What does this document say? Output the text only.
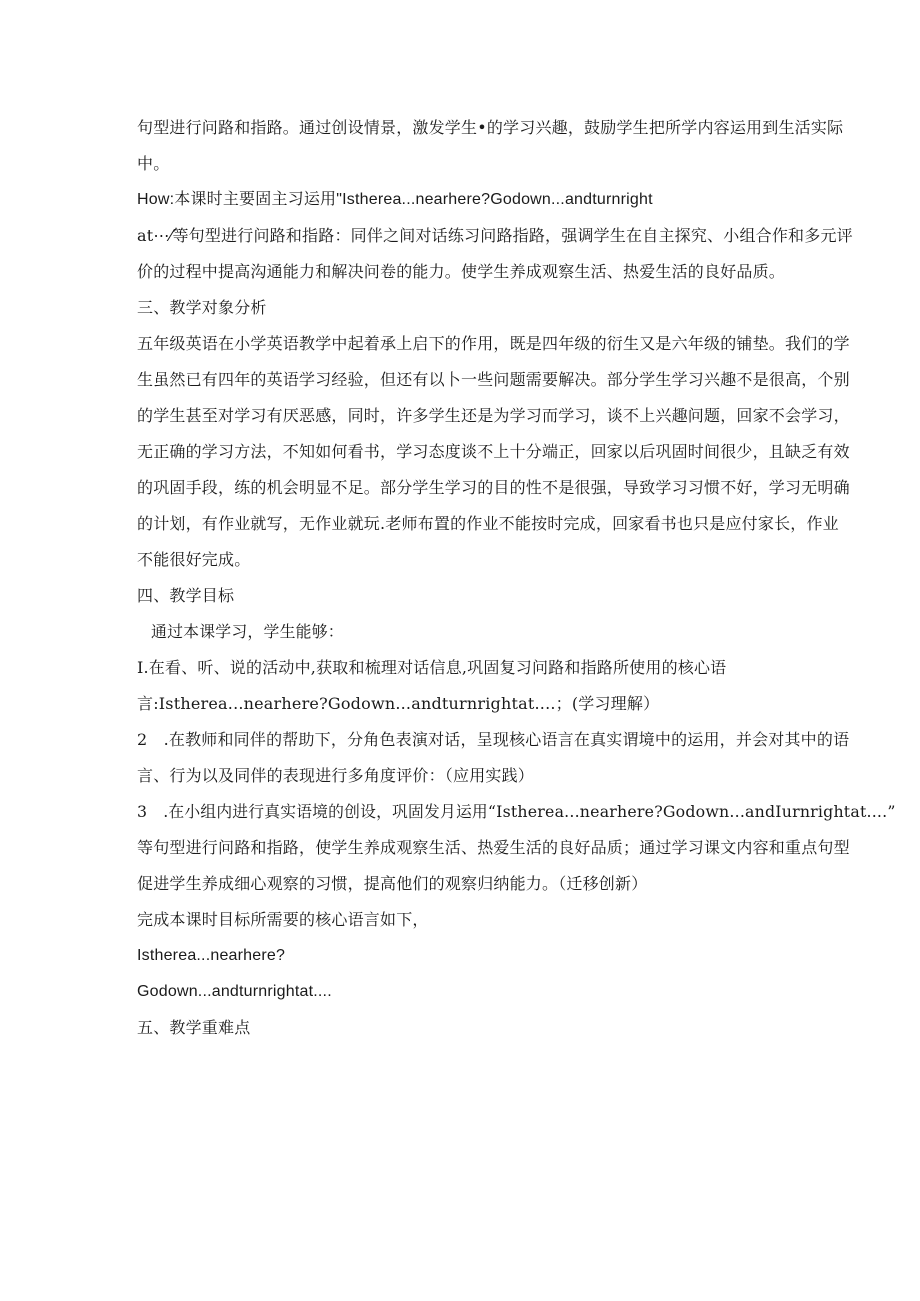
句型进行问路和指路。通过创设情景，激发学生•的学习兴趣，鼓励学生把所学内容运用到生活实际
中。
How:本课时主要固主习运用"Istherea...nearhere?Godown...andturnright
at⋯⁄等句型进行问路和指路：同伴之间对话练习问路指路，强调学生在自主探究、小组合作和多元评
价的过程中提高沟通能力和解决问卷的能力。使学生养成观察生活、热爱生活的良好品质。
三、教学对象分析
五年级英语在小学英语教学中起着承上启下的作用，既是四年级的衍生又是六年级的铺垫。我们的学
生虽然已有四年的英语学习经验，但还有以卜一些问题需要解决。部分学生学习兴趣不是很高，个别
的学生甚至对学习有厌恶感，同时，许多学生还是为学习而学习，谈不上兴趣问题，回家不会学习，
无正确的学习方法，不知如何看书，学习态度谈不上十分端正，回家以后巩固时间很少，且缺乏有效
的巩固手段，练的机会明显不足。部分学生学习的目的性不是很强，导致学习习惯不好，学习无明确
的计划，有作业就写，无作业就玩.老师布置的作业不能按时完成，回家看书也只是应付家长，作业
不能很好完成。
四、教学目标
通过本课学习，学生能够：
I.在看、听、说的活动中,获取和梳理对话信息,巩固复习问路和指路所使用的核心语
言:Istherea...nearhere?Godown...andturnrightat....；(学习理解）
2　.在教师和同伴的帮助下，分角色表演对话，呈现核心语言在真实谓境中的运用，并会对其中的语
言、行为以及同伴的表现进行多角度评价：（应用实践）
3　.在小组内进行真实语境的创设，巩固发月运用“Istherea...nearhere?Godown...andIurnrightat....”
等句型进行问路和指路，使学生养成观察生活、热爱生活的良好品质；通过学习课文内容和重点句型
促进学生养成细心观察的习惯，提高他们的观察归纳能力。（迁移创新）
完成本课时目标所需要的核心语言如下，
Istherea...nearhere?
Godown...andturnrightat....
五、教学重难点
